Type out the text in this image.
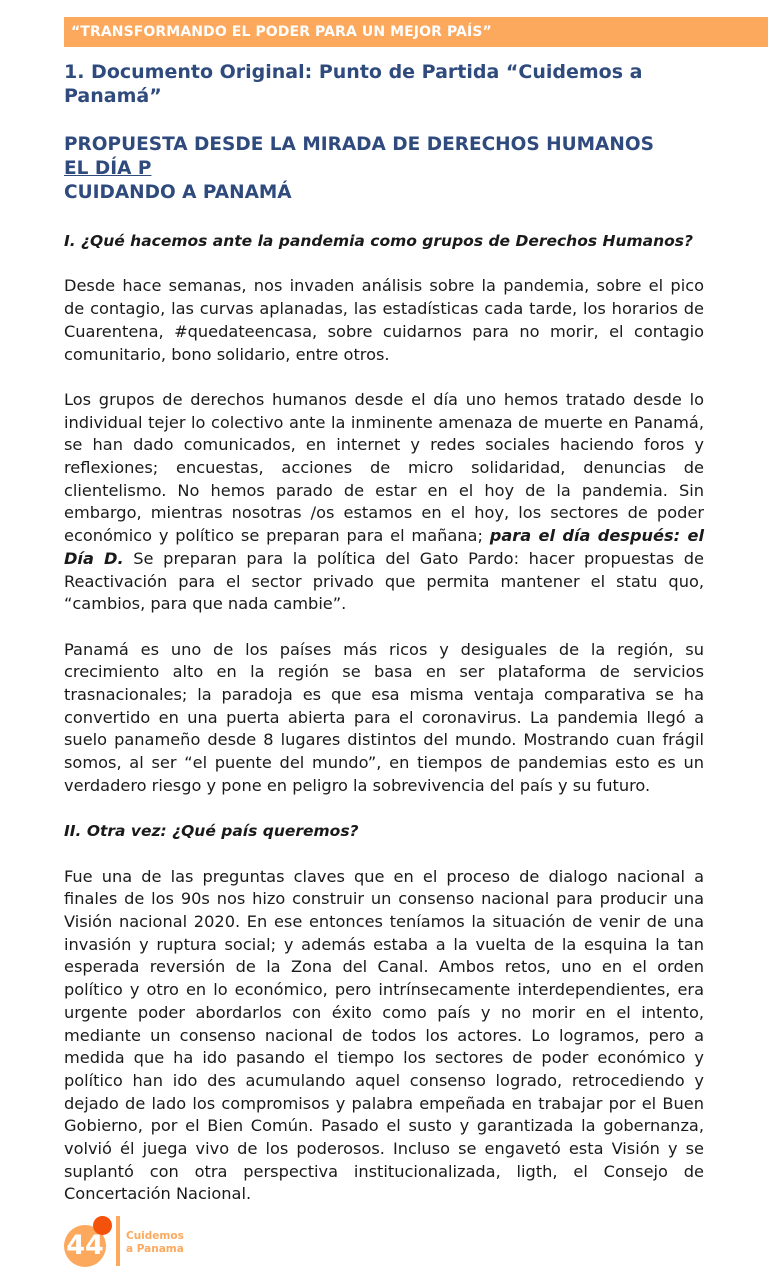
“TRANSFORMANDO EL PODER PARA UN MEJOR PAÍS”
1. Documento Original: Punto de Partida “Cuidemos a Panamá”
PROPUESTA DESDE LA MIRADA DE DERECHOS HUMANOS
EL DÍA P
CUIDANDO A PANAMÁ

I. ¿Qué hacemos ante la pandemia como grupos de Derechos Humanos?

Desde hace semanas, nos invaden análisis sobre la pandemia, sobre el pico de contagio, las curvas aplanadas, las estadísticas cada tarde, los horarios de Cuarentena, #quedateencasa, sobre cuidarnos para no morir, el contagio comunitario, bono solidario, entre otros.

Los grupos de derechos humanos desde el día uno hemos tratado desde lo individual tejer lo colectivo ante la inminente amenaza de muerte en Panamá, se han dado comunicados, en internet y redes sociales haciendo foros y reflexiones; encuestas, acciones de micro solidaridad, denuncias de clientelismo. No hemos parado de estar en el hoy de la pandemia. Sin embargo, mientras nosotras /os estamos en el hoy, los sectores de poder económico y político se preparan para el mañana; para el día después: el Día D. Se preparan para la política del Gato Pardo: hacer propuestas de Reactivación para el sector privado que permita mantener el statu quo, “cambios, para que nada cambie”.

Panamá es uno de los países más ricos y desiguales de la región, su crecimiento alto en la región se basa en ser plataforma de servicios trasnacionales; la paradoja es que esa misma ventaja comparativa se ha convertido en una puerta abierta para el coronavirus. La pandemia llegó a suelo panameño desde 8 lugares distintos del mundo. Mostrando cuan frágil somos, al ser “el puente del mundo”, en tiempos de pandemias esto es un verdadero riesgo y pone en peligro la sobrevivencia del país y su futuro.

II. Otra vez: ¿Qué país queremos?

Fue una de las preguntas claves que en el proceso de dialogo nacional a finales de los 90s nos hizo construir un consenso nacional para producir una Visión nacional 2020. En ese entonces teníamos la situación de venir de una invasión y ruptura social; y además estaba a la vuelta de la esquina la tan esperada reversión de la Zona del Canal. Ambos retos, uno en el orden político y otro en lo económico, pero intrínsecamente interdependientes, era urgente poder abordarlos con éxito como país y no morir en el intento, mediante un consenso nacional de todos los actores. Lo logramos, pero a medida que ha ido pasando el tiempo los sectores de poder económico y político han ido des acumulando aquel consenso logrado, retrocediendo y dejado de lado los compromisos y palabra empeñada en trabajar por el Buen Gobierno, por el Bien Común. Pasado el susto y garantizada la gobernanza, volvió él juega vivo de los poderosos. Incluso se engavetó esta Visión y se suplantó con otra perspectiva institucionalizada, ligth, el Consejo de Concertación Nacional.

44 Cuidemos
a Panama
